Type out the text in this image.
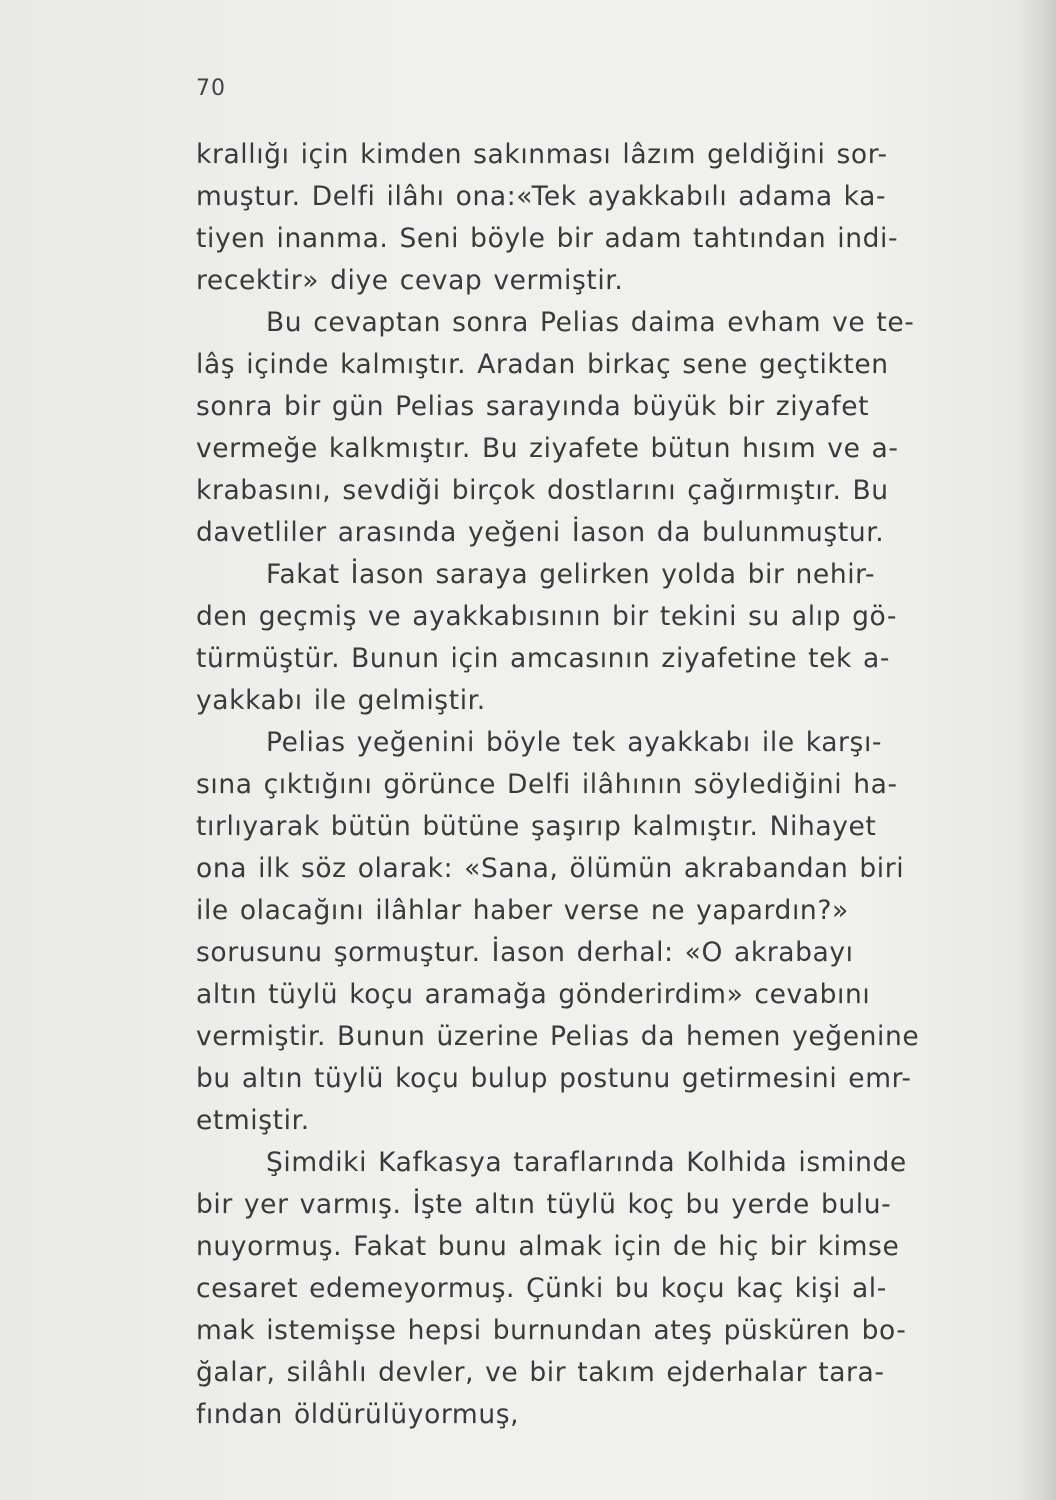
70
krallığı için kimden sakınması lâzım geldiğini sor-
muştur. Delfi ilâhı ona:«Tek ayakkabılı adama ka-
tiyen inanma. Seni böyle bir adam tahtından indi-
recektir» diye cevap vermiştir.
Bu cevaptan sonra Pelias daima evham ve te-
lâş içinde kalmıştır. Aradan birkaç sene geçtikten
sonra bir gün Pelias sarayında büyük bir ziyafet
vermeğe kalkmıştır. Bu ziyafete bütun hısım ve a-
krabasını, sevdiği birçok dostlarını çağırmıştır. Bu
davetliler arasında yeğeni İason da bulunmuştur.
Fakat İason saraya gelirken yolda bir nehir-
den geçmiş ve ayakkabısının bir tekini su alıp gö-
türmüştür. Bunun için amcasının ziyafetine tek a-
yakkabı ile gelmiştir.
Pelias yeğenini böyle tek ayakkabı ile karşı-
sına çıktığını görünce Delfi ilâhının söylediğini ha-
tırlıyarak bütün bütüne şaşırıp kalmıştır. Nihayet
ona ilk söz olarak: «Sana, ölümün akrabandan biri
ile olacağını ilâhlar haber verse ne yapardın?»
sorusunu şormuştur. İason derhal: «O akrabayı
altın tüylü koçu aramağa gönderirdim» cevabını
vermiştir. Bunun üzerine Pelias da hemen yeğenine
bu altın tüylü koçu bulup postunu getirmesini emr-
etmiştir.
Şimdiki Kafkasya taraflarında Kolhida isminde
bir yer varmış. İşte altın tüylü koç bu yerde bulu-
nuyormuş. Fakat bunu almak için de hiç bir kimse
cesaret edemeyormuş. Çünki bu koçu kaç kişi al-
mak istemişse hepsi burnundan ateş püsküren bo-
ğalar, silâhlı devler, ve bir takım ejderhalar tara-
fından öldürülüyormuş,
